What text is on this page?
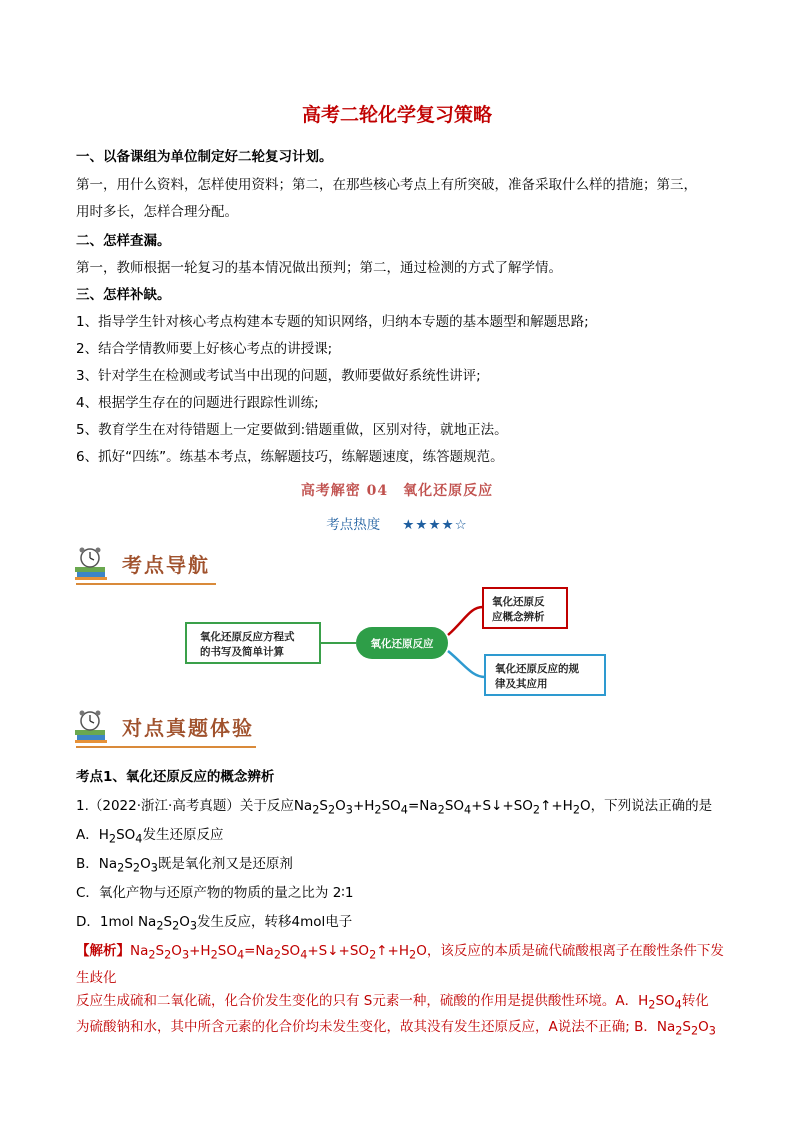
高考二轮化学复习策略
一、以备课组为单位制定好二轮复习计划。
第一，用什么资料，怎样使用资料；第二，在那些核心考点上有所突破，准备采取什么样的措施；第三，
用时多长，怎样合理分配。
二、怎样查漏。
第一，教师根据一轮复习的基本情况做出预判；第二，通过检测的方式了解学情。
三、怎样补缺。
1、指导学生针对核心考点构建本专题的知识网络，归纳本专题的基本题型和解题思路;
2、结合学情教师要上好核心考点的讲授课;
3、针对学生在检测或考试当中出现的问题，教师要做好系统性讲评;
4、根据学生存在的问题进行跟踪性训练;
5、教育学生在对待错题上一定要做到:错题重做，区别对待，就地正法。
6、抓好“四练”。练基本考点，练解题技巧，练解题速度，练答题规范。
高考解密 04　氧化还原反应
考点热度 ★★★★☆
考点导航
氧化还原反应方程式
的书写及简单计算
氧化还原反应
氧化还原反
应概念辨析
氧化还原反应的规
律及其应用
对点真题体验
考点1、氧化还原反应的概念辨析
1.（2022·浙江·高考真题）关于反应$Na_2S_2O_3+H_2SO_4=Na_2SO_4+S↓+SO_2↑+H_2O$，下列说法正确的是
A．$H_2SO_4$发生还原反应
B．$Na_2S_2O_3$既是氧化剂又是还原剂
C．氧化产物与还原产物的物质的量之比为 2∶1
D．1mol $Na_2S_2O_3$发生反应，转移4mol电子
【解析】$Na_2S_2O_3+H_2SO_4=Na_2SO_4+S↓+SO_2↑+H_2O$，该反应的本质是硫代硫酸根离子在酸性条件下发生歧化
反应生成硫和二氧化硫，化合价发生变化的只有 S元素一种，硫酸的作用是提供酸性环境。A．$H_2SO_4$转化
为硫酸钠和水，其中所含元素的化合价均未发生变化，故其没有发生还原反应，A说法不正确; B．$Na_2S_2O_3$
